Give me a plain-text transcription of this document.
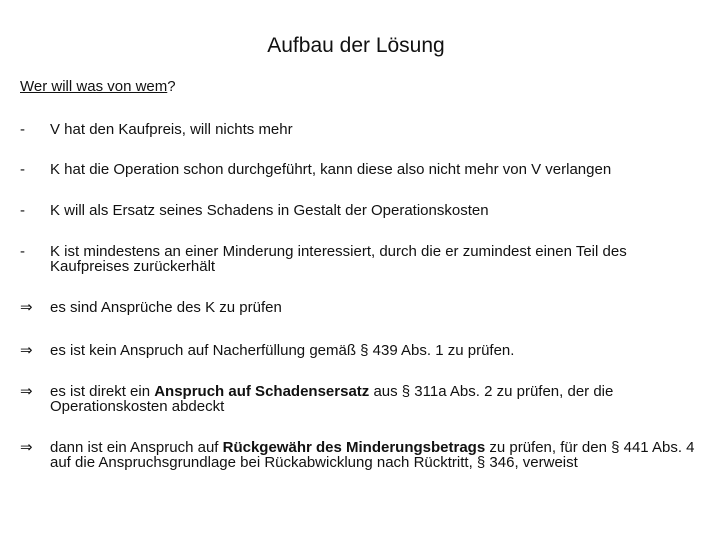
Aufbau der Lösung
Wer will was von wem?
-	V hat den Kaufpreis, will nichts mehr
-	K hat die Operation schon durchgeführt, kann diese also nicht mehr von V verlangen
-	K will als Ersatz seines Schadens in Gestalt der Operationskosten
-	K ist mindestens an einer Minderung interessiert, durch die er zumindest einen Teil des Kaufpreises zurückerhält
⇒	es sind Ansprüche des K zu prüfen
⇒	es ist kein Anspruch auf Nacherfüllung gemäß § 439 Abs. 1 zu prüfen.
⇒	es ist direkt ein Anspruch auf Schadensersatz aus § 311a Abs. 2 zu prüfen, der die Operationskosten abdeckt
⇒	dann ist ein Anspruch auf Rückgewähr des Minderungsbetrags zu prüfen, für den § 441 Abs. 4 auf die Anspruchsgrundlage bei Rückabwicklung nach Rücktritt, § 346, verweist
